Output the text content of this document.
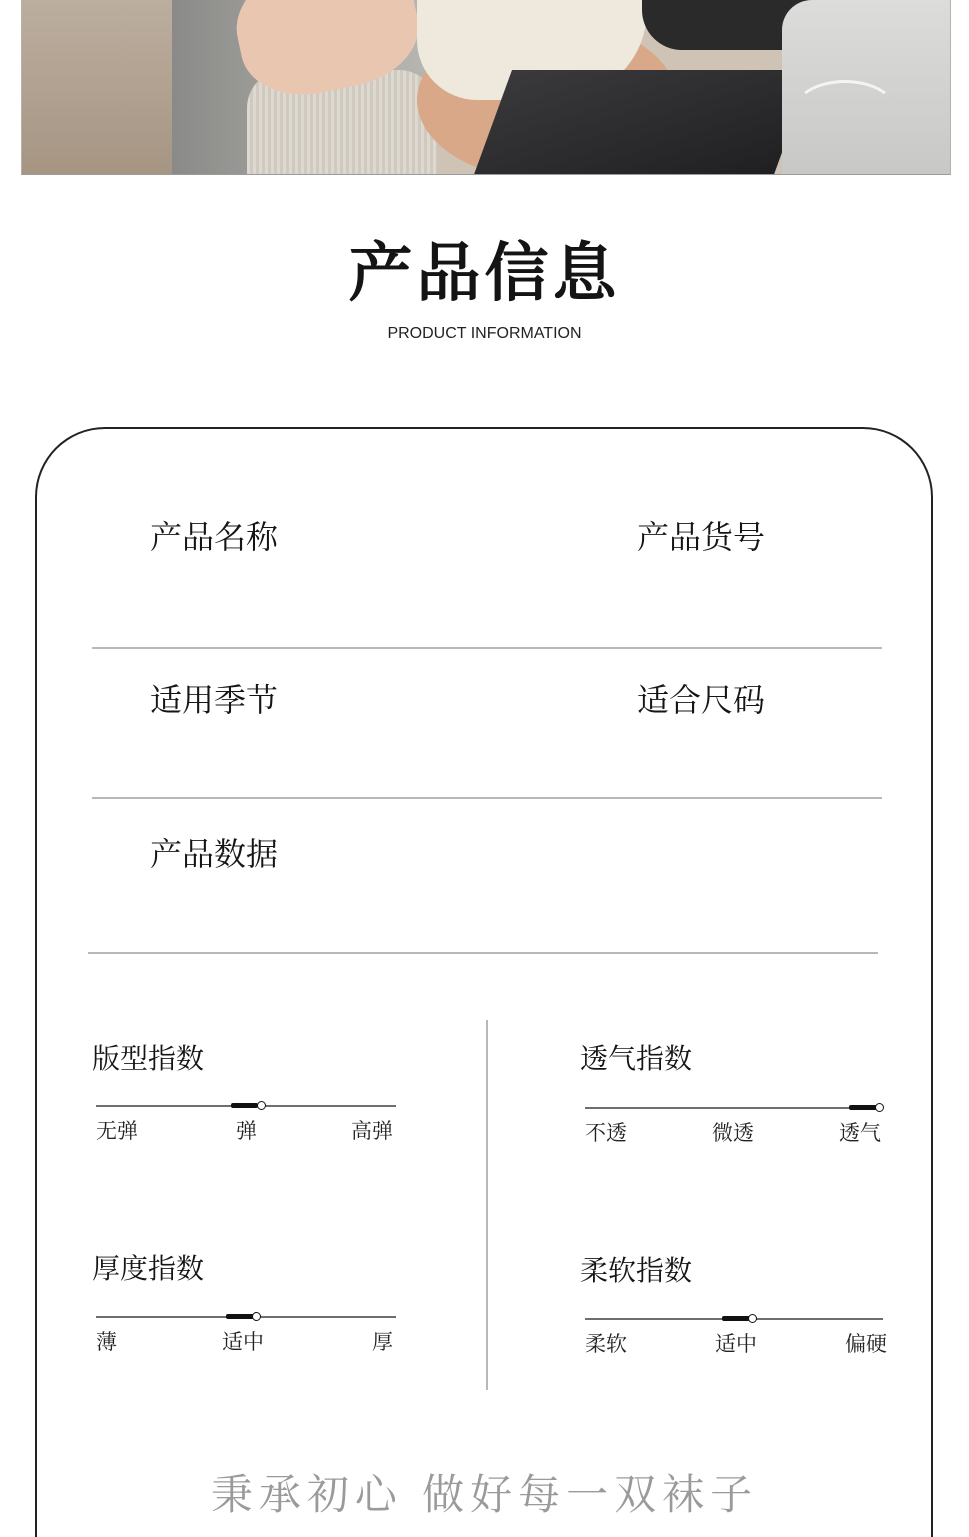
产品信息
PRODUCT INFORMATION
产品名称	产品货号
适用季节	适合尺码
产品数据
版型指数
无弹	弹	高弹
透气指数
不透	微透	透气
厚度指数
薄	适中	厚
柔软指数
柔软	适中	偏硬
秉承初心 做好每一双袜子
